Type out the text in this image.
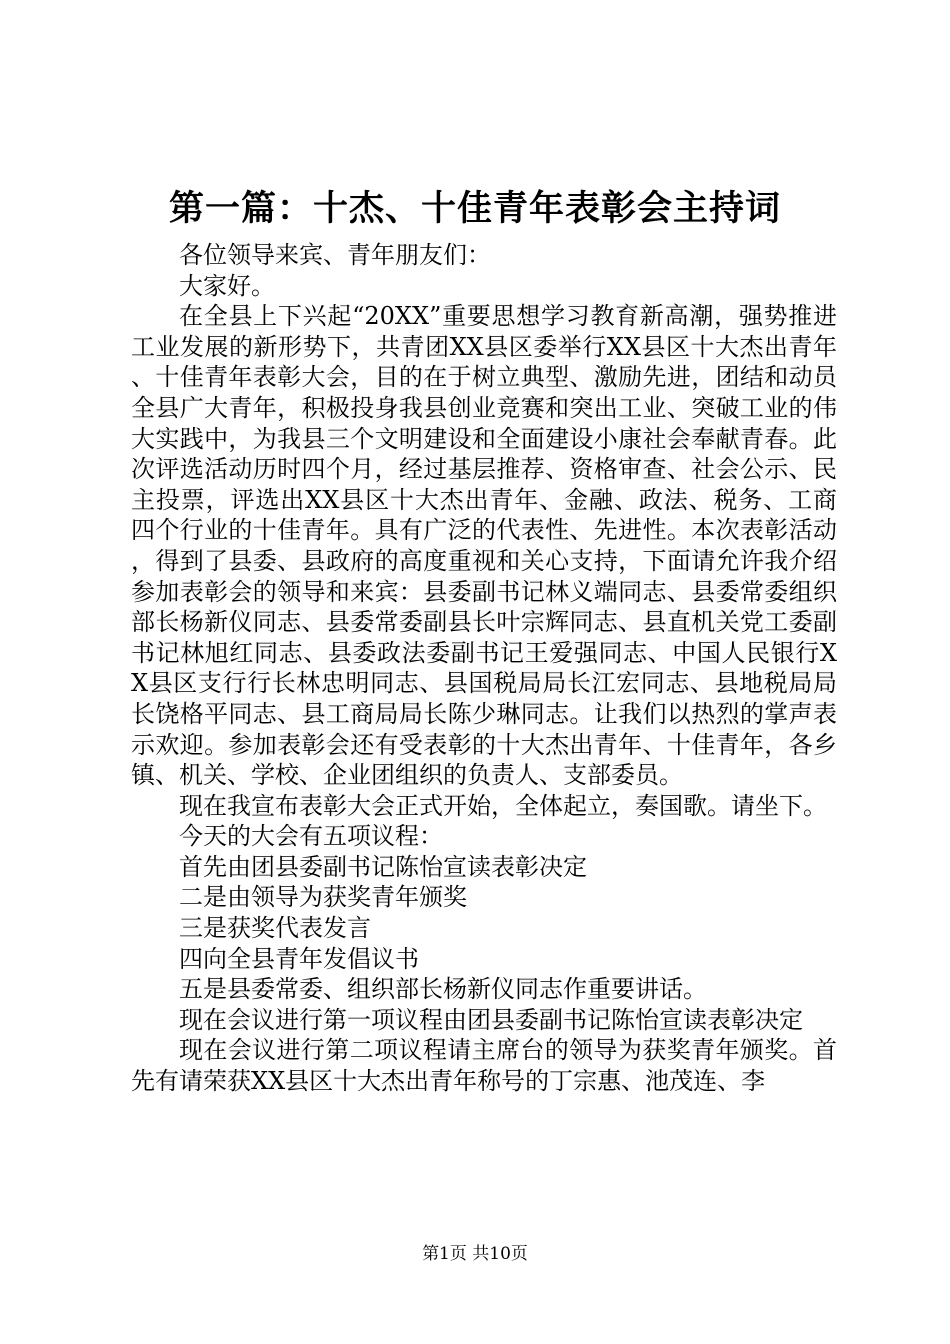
第一篇：十杰、十佳青年表彰会主持词

各位领导来宾、青年朋友们：

大家好。

在全县上下兴起“20XX”重要思想学习教育新高潮，强势推进工业发展的新形势下，共青团XX县区委举行XX县区十大杰出青年、十佳青年表彰大会，目的在于树立典型、激励先进，团结和动员全县广大青年，积极投身我县创业竞赛和突出工业、突破工业的伟大实践中，为我县三个文明建设和全面建设小康社会奉献青春。此次评选活动历时四个月，经过基层推荐、资格审查、社会公示、民主投票，评选出XX县区十大杰出青年、金融、政法、税务、工商四个行业的十佳青年。具有广泛的代表性、先进性。本次表彰活动，得到了县委、县政府的高度重视和关心支持，下面请允许我介绍参加表彰会的领导和来宾：县委副书记林义端同志、县委常委组织部长杨新仪同志、县委常委副县长叶宗辉同志、县直机关党工委副书记林旭红同志、县委政法委副书记王爱强同志、中国人民银行XX县区支行行长林忠明同志、县国税局局长江宏同志、县地税局局长饶格平同志、县工商局局长陈少琳同志。让我们以热烈的掌声表示欢迎。参加表彰会还有受表彰的十大杰出青年、十佳青年，各乡镇、机关、学校、企业团组织的负责人、支部委员。

现在我宣布表彰大会正式开始，全体起立，奏国歌。请坐下。

今天的大会有五项议程：

首先由团县委副书记陈怡宣读表彰决定

二是由领导为获奖青年颁奖

三是获奖代表发言

四向全县青年发倡议书

五是县委常委、组织部长杨新仪同志作重要讲话。

现在会议进行第一项议程由团县委副书记陈怡宣读表彰决定

现在会议进行第二项议程请主席台的领导为获奖青年颁奖。首先有请荣获XX县区十大杰出青年称号的丁宗惠、池茂连、李

第1页 共10页
